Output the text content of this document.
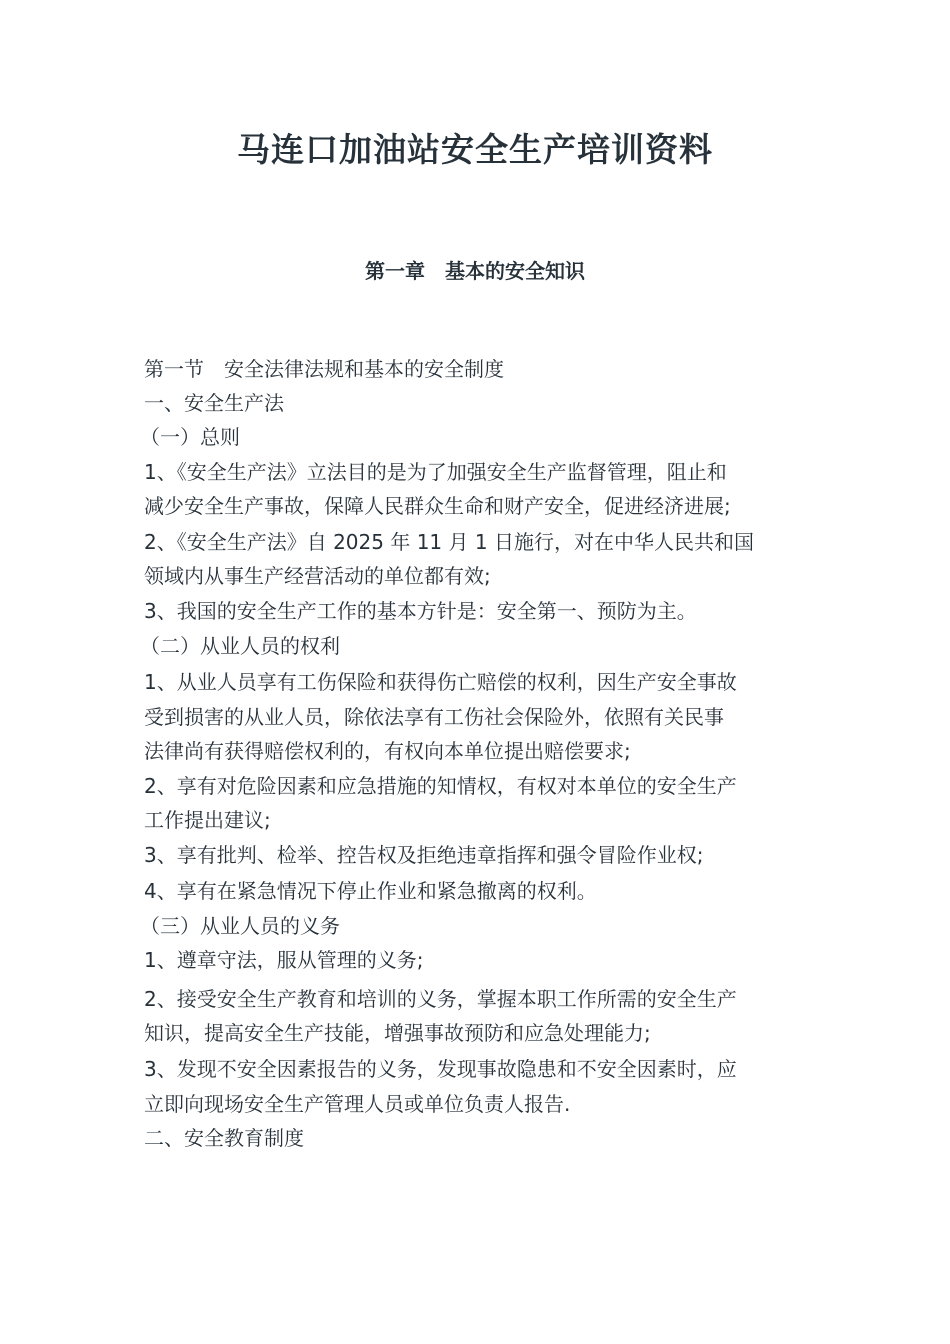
马连口加油站安全生产培训资料
第一章　基本的安全知识

第一节　安全法律法规和基本的安全制度

一、安全生产法

（一）总则

1、《安全生产法》立法目的是为了加强安全生产监督管理，阻止和

减少安全生产事故，保障人民群众生命和财产安全，促进经济进展;

2、《安全生产法》自 2025 年 11 月 1 日施行，对在中华人民共和国

领域内从事生产经营活动的单位都有效;

3、我国的安全生产工作的基本方针是：安全第一、预防为主。

（二）从业人员的权利

1、从业人员享有工伤保险和获得伤亡赔偿的权利，因生产安全事故

受到损害的从业人员，除依法享有工伤社会保险外，依照有关民事

法律尚有获得赔偿权利的，有权向本单位提出赔偿要求;

2、享有对危险因素和应急措施的知情权，有权对本单位的安全生产

工作提出建议;

3、享有批判、检举、控告权及拒绝违章指挥和强令冒险作业权;

4、享有在紧急情况下停止作业和紧急撤离的权利。

（三）从业人员的义务

1、遵章守法，服从管理的义务;

2、接受安全生产教育和培训的义务，掌握本职工作所需的安全生产

知识，提高安全生产技能，增强事故预防和应急处理能力;

3、发现不安全因素报告的义务，发现事故隐患和不安全因素时，应

立即向现场安全生产管理人员或单位负责人报告.

二、安全教育制度
